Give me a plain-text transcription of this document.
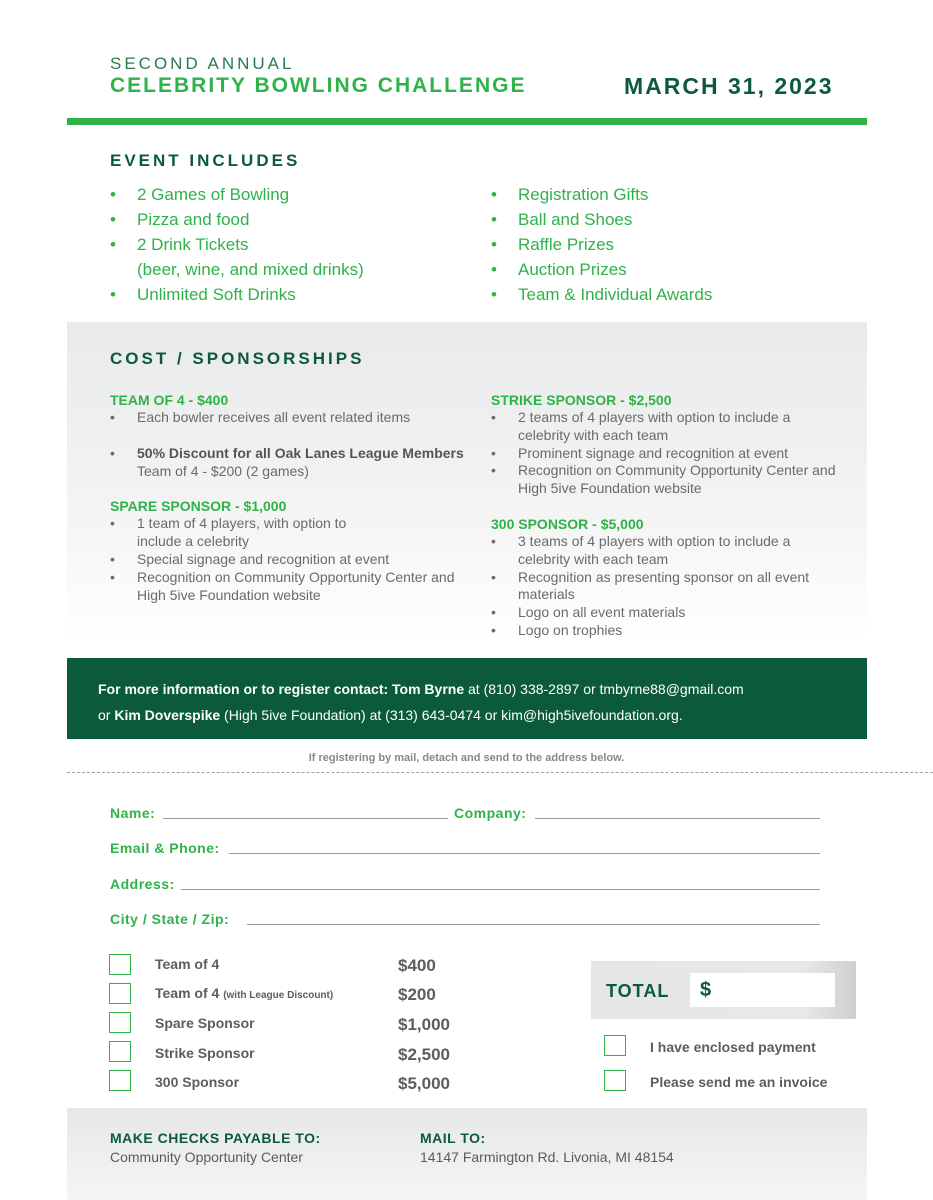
SECOND ANNUAL
CELEBRITY BOWLING CHALLENGE	MARCH 31, 2023
EVENT INCLUDES
• 2 Games of Bowling
• Pizza and food
• 2 Drink Tickets
(beer, wine, and mixed drinks)
• Unlimited Soft Drinks
• Registration Gifts
• Ball and Shoes
• Raffle Prizes
• Auction Prizes
• Team & Individual Awards
COST / SPONSORSHIPS
TEAM OF 4 - $400
• Each bowler receives all event related items
• 50% Discount for all Oak Lanes League Members Team of 4 - $200 (2 games)
SPARE SPONSOR - $1,000
• 1 team of 4 players, with option to include a celebrity
• Special signage and recognition at event
• Recognition on Community Opportunity Center and High 5ive Foundation website
STRIKE SPONSOR - $2,500
• 2 teams of 4 players with option to include a celebrity with each team
• Prominent signage and recognition at event
• Recognition on Community Opportunity Center and High 5ive Foundation website
300 SPONSOR - $5,000
• 3 teams of 4 players with option to include a celebrity with each team
• Recognition as presenting sponsor on all event materials
• Logo on all event materials
• Logo on trophies
For more information or to register contact: Tom Byrne at (810) 338-2897 or tmbyrne88@gmail.com
or Kim Doverspike (High 5ive Foundation) at (313) 643-0474 or kim@high5ivefoundation.org.
If registering by mail, detach and send to the address below.
Name:	Company:
Email & Phone:
Address:
City / State / Zip:
Team of 4	$400
Team of 4 (with League Discount)	$200
Spare Sponsor	$1,000
Strike Sponsor	$2,500
300 Sponsor	$5,000
TOTAL $
I have enclosed payment
Please send me an invoice
MAKE CHECKS PAYABLE TO:
Community Opportunity Center
MAIL TO:
14147 Farmington Rd. Livonia, MI 48154
